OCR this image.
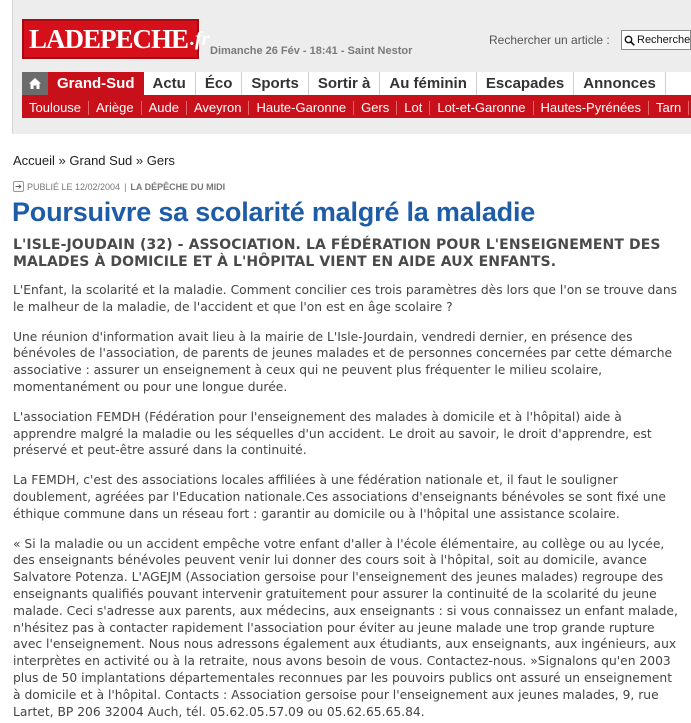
LADEPECHE .fr
Dimanche 26 Fév - 18:41 - Saint Nestor
Rechercher un article : Recherche
Grand-Sud	Actu	Éco	Sports	Sortir à	Au féminin	Escapades	Annonces
Toulouse	Ariège	Aude	Aveyron	Haute-Garonne	Gers	Lot	Lot-et-Garonne	Hautes-Pyrénées	Tarn
Accueil » Grand Sud » Gers
➔ PUBLIÉ LE 12/02/2004 | LA DÉPÊCHE DU MIDI
Poursuivre sa scolarité malgré la maladie
L'ISLE-JOUDAIN (32) - ASSOCIATION. LA FÉDÉRATION POUR L'ENSEIGNEMENT DES MALADES À DOMICILE ET À L'HÔPITAL VIENT EN AIDE AUX ENFANTS.

L'Enfant, la scolarité et la maladie. Comment concilier ces trois paramètres dès lors que l'on se trouve dans le malheur de la maladie, de l'accident et que l'on est en âge scolaire ?

Une réunion d'information avait lieu à la mairie de L'Isle-Jourdain, vendredi dernier, en présence des bénévoles de l'association, de parents de jeunes malades et de personnes concernées par cette démarche associative : assurer un enseignement à ceux qui ne peuvent plus fréquenter le milieu scolaire, momentanément ou pour une longue durée.

L'association FEMDH (Fédération pour l'enseignement des malades à domicile et à l'hôpital) aide à apprendre malgré la maladie ou les séquelles d'un accident. Le droit au savoir, le droit d'apprendre, est préservé et peut-être assuré dans la continuité.

La FEMDH, c'est des associations locales affiliées à une fédération nationale et, il faut le souligner doublement, agréées par l'Education nationale.Ces associations d'enseignants bénévoles se sont fixé une éthique commune dans un réseau fort : garantir au domicile ou à l'hôpital une assistance scolaire.

« Si la maladie ou un accident empêche votre enfant d'aller à l'école élémentaire, au collège ou au lycée, des enseignants bénévoles peuvent venir lui donner des cours soit à l'hôpital, soit au domicile, avance Salvatore Potenza. L'AGEJM (Association gersoise pour l'enseignement des jeunes malades) regroupe des enseignants qualifiés pouvant intervenir gratuitement pour assurer la continuité de la scolarité du jeune malade. Ceci s'adresse aux parents, aux médecins, aux enseignants : si vous connaissez un enfant malade, n'hésitez pas à contacter rapidement l'association pour éviter au jeune malade une trop grande rupture avec l'enseignement. Nous nous adressons également aux étudiants, aux enseignants, aux ingénieurs, aux interprètes en activité ou à la retraite, nous avons besoin de vous. Contactez-nous. »Signalons qu'en 2003 plus de 50 implantations départementales reconnues par les pouvoirs publics ont assuré un enseignement à domicile et à l'hôpital. Contacts : Association gersoise pour l'enseignement aux jeunes malades, 9, rue Lartet, BP 206 32004 Auch, tél. 05.62.05.57.09 ou 05.62.65.65.84.
